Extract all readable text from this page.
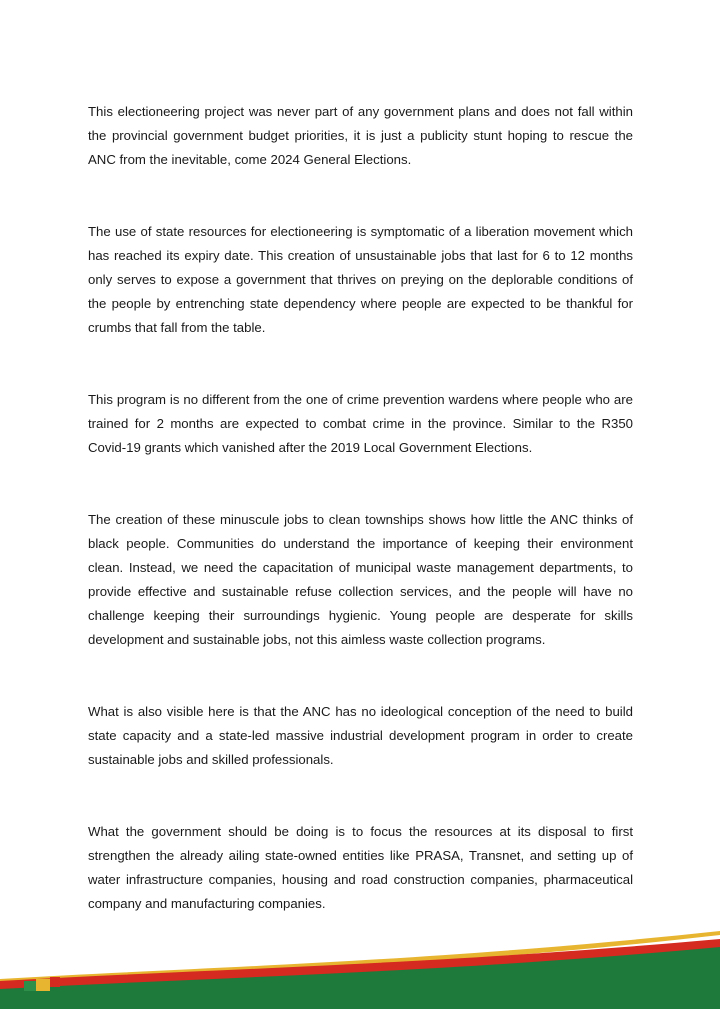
This electioneering project was never part of any government plans and does not fall within the provincial government budget priorities, it is just a publicity stunt hoping to rescue the ANC from the inevitable, come 2024 General Elections.

The use of state resources for electioneering is symptomatic of a liberation movement which has reached its expiry date. This creation of unsustainable jobs that last for 6 to 12 months only serves to expose a government that thrives on preying on the deplorable conditions of the people by entrenching state dependency where people are expected to be thankful for crumbs that fall from the table.

This program is no different from the one of crime prevention wardens where people who are trained for 2 months are expected to combat crime in the province. Similar to the R350 Covid-19 grants which vanished after the 2019 Local Government Elections.

The creation of these minuscule jobs to clean townships shows how little the ANC thinks of black people. Communities do understand the importance of keeping their environment clean. Instead, we need the capacitation of municipal waste management departments, to provide effective and sustainable refuse collection services, and the people will have no challenge keeping their surroundings hygienic. Young people are desperate for skills development and sustainable jobs, not this aimless waste collection programs.

What is also visible here is that the ANC has no ideological conception of the need to build state capacity and a state-led massive industrial development program in order to create sustainable jobs and skilled professionals.

What the government should be doing is to focus the resources at its disposal to first strengthen the already ailing state-owned entities like PRASA, Transnet, and setting up of water infrastructure companies, housing and road construction companies, pharmaceutical company and manufacturing companies.
